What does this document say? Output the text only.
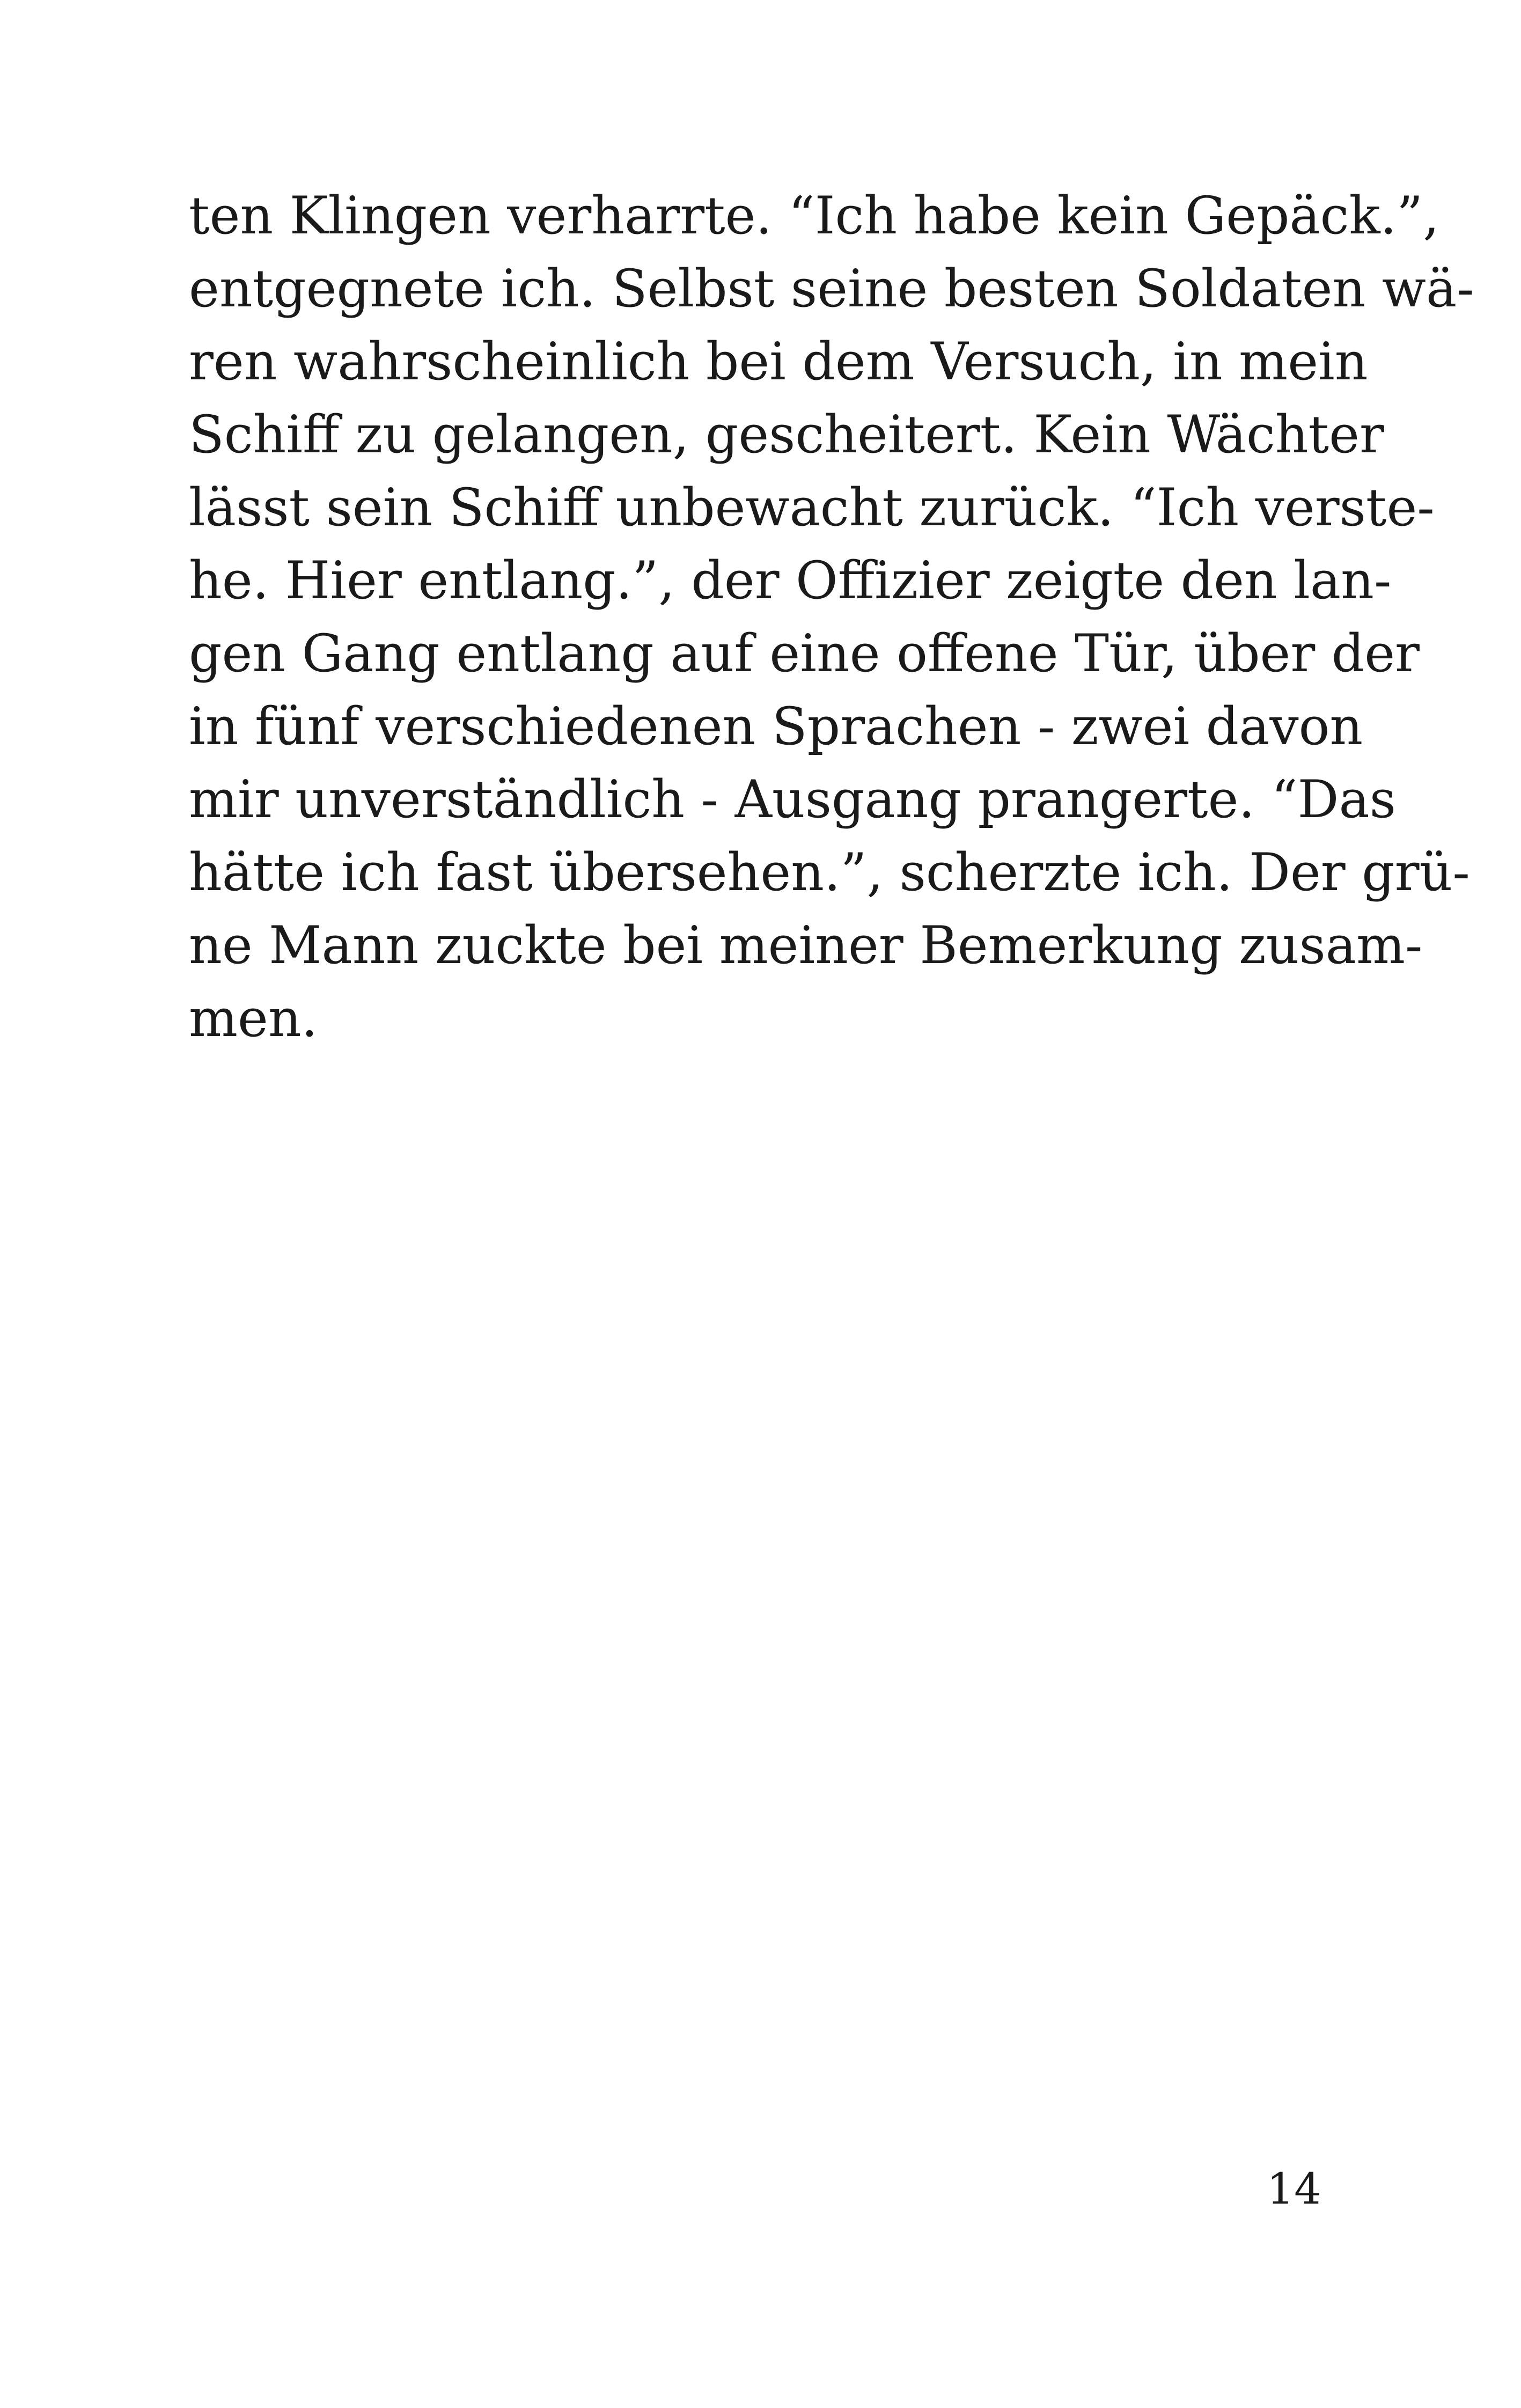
ten Klingen verharrte. “Ich habe kein Gepäck.”,
entgegnete ich. Selbst seine besten Soldaten wä-
ren wahrscheinlich bei dem Versuch, in mein
Schiff zu gelangen, gescheitert. Kein Wächter
lässt sein Schiff unbewacht zurück. “Ich verste-
he. Hier entlang.”, der Offizier zeigte den lan-
gen Gang entlang auf eine offene Tür, über der
in fünf verschiedenen Sprachen - zwei davon
mir unverständlich - Ausgang prangerte. “Das
hätte ich fast übersehen.”, scherzte ich. Der grü-
ne Mann zuckte bei meiner Bemerkung zusam-
men.
14
